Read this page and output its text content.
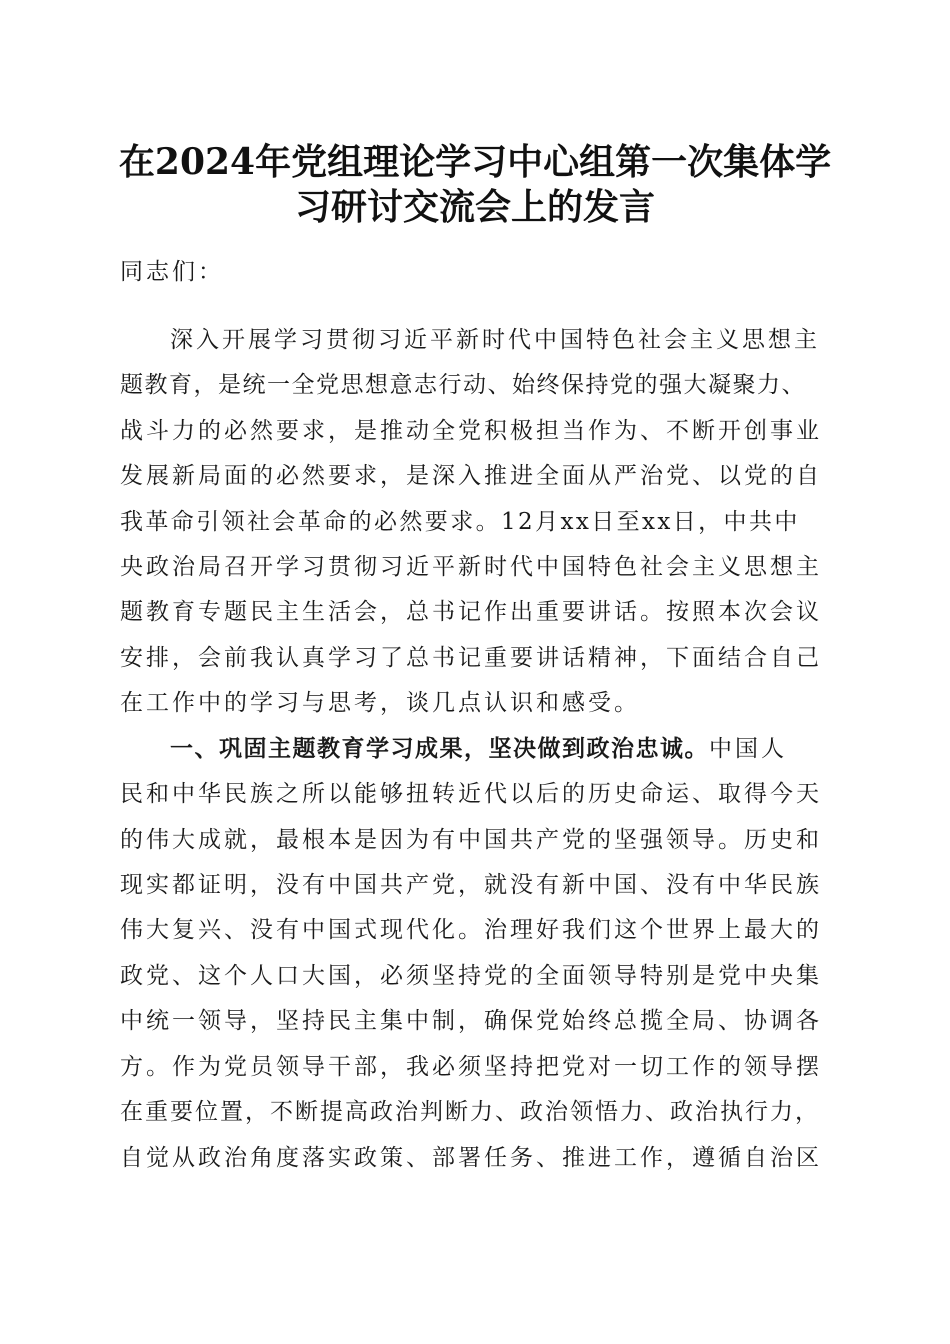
在2024年党组理论学习中心组第一次集体学
习研讨交流会上的发言
同志们：
深入开展学习贯彻习近平新时代中国特色社会主义思想主
题教育，是统一全党思想意志行动、始终保持党的强大凝聚力、
战斗力的必然要求，是推动全党积极担当作为、不断开创事业
发展新局面的必然要求，是深入推进全面从严治党、以党的自
我革命引领社会革命的必然要求。12月xx日至xx日，中共中
央政治局召开学习贯彻习近平新时代中国特色社会主义思想主
题教育专题民主生活会，总书记作出重要讲话。按照本次会议
安排，会前我认真学习了总书记重要讲话精神，下面结合自己
在工作中的学习与思考，谈几点认识和感受。
一、巩固主题教育学习成果，坚决做到政治忠诚。中国人
民和中华民族之所以能够扭转近代以后的历史命运、取得今天
的伟大成就，最根本是因为有中国共产党的坚强领导。历史和
现实都证明，没有中国共产党，就没有新中国、没有中华民族
伟大复兴、没有中国式现代化。治理好我们这个世界上最大的
政党、这个人口大国，必须坚持党的全面领导特别是党中央集
中统一领导，坚持民主集中制，确保党始终总揽全局、协调各
方。作为党员领导干部，我必须坚持把党对一切工作的领导摆
在重要位置，不断提高政治判断力、政治领悟力、政治执行力，
自觉从政治角度落实政策、部署任务、推进工作，遵循自治区
